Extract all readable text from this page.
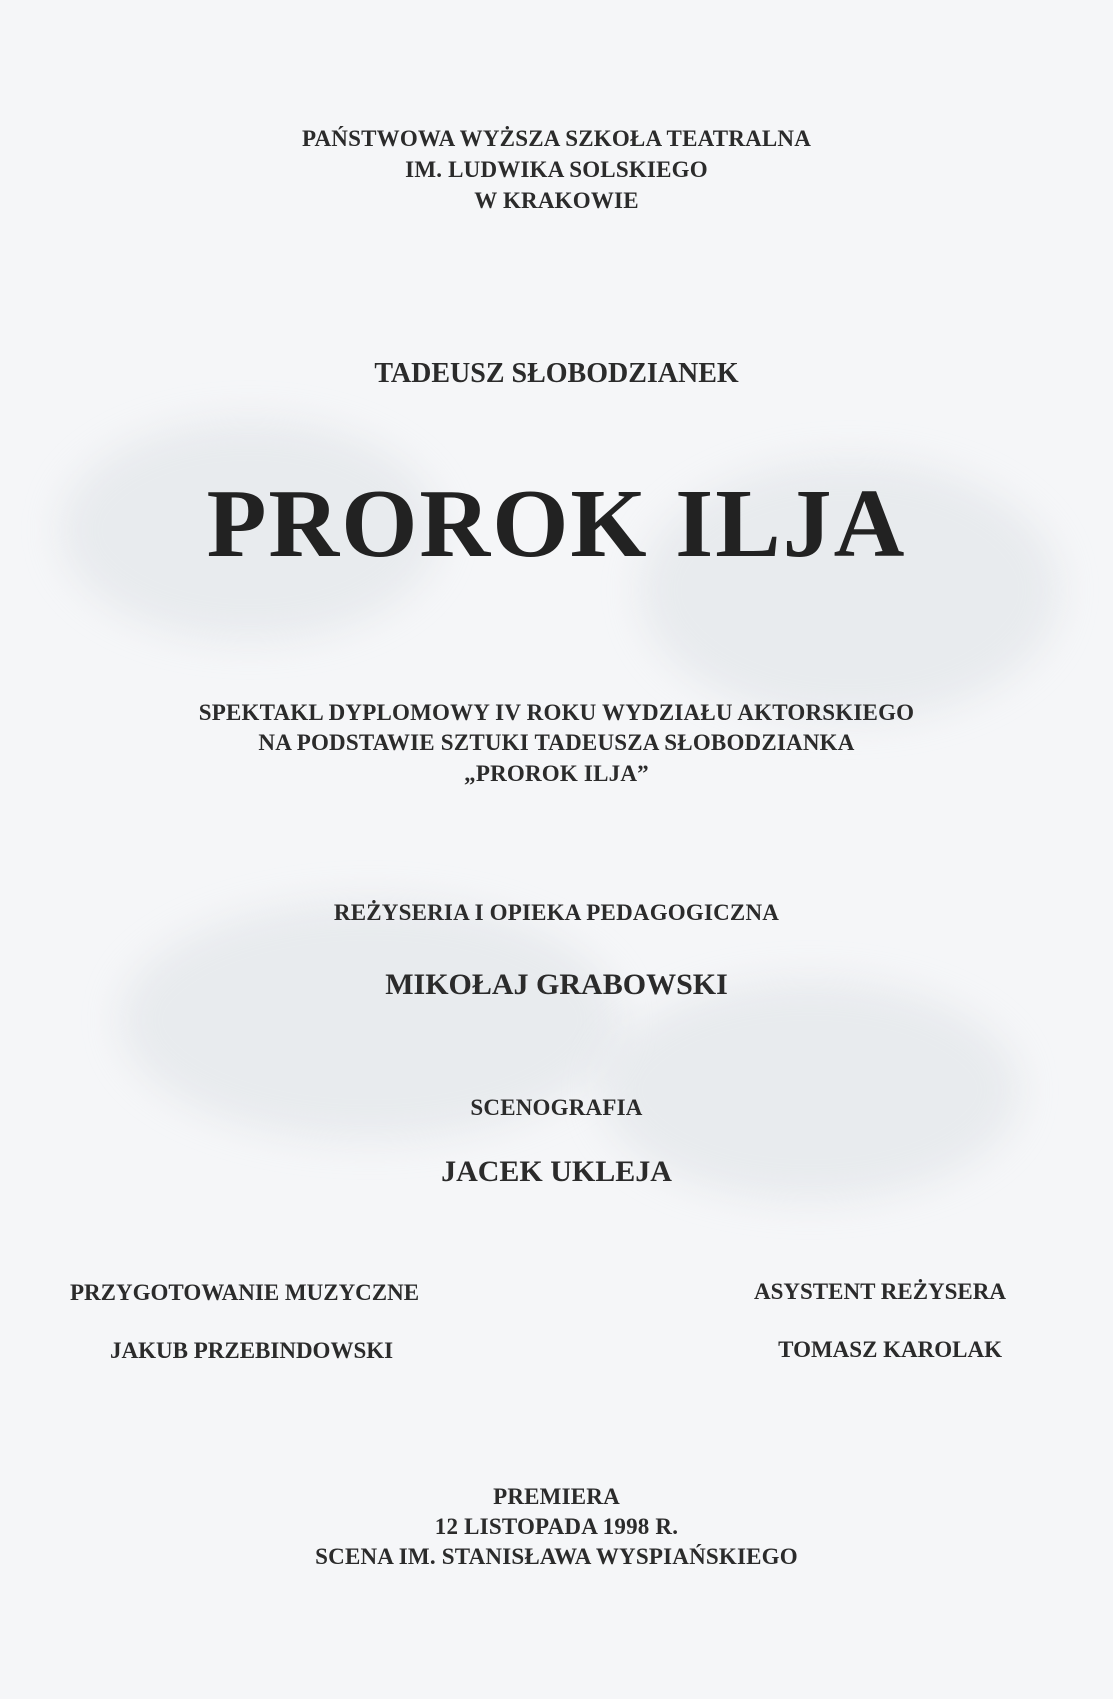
PAŃSTWOWA WYŻSZA SZKOŁA TEATRALNA
IM. LUDWIKA SOLSKIEGO
W KRAKOWIE
TADEUSZ SŁOBODZIANEK
PROROK ILJA
SPEKTAKL DYPLOMOWY IV ROKU WYDZIAŁU AKTORSKIEGO
NA PODSTAWIE SZTUKI TADEUSZA SŁOBODZIANKA
„PROROK ILJA”
REŻYSERIA I OPIEKA PEDAGOGICZNA
MIKOŁAJ GRABOWSKI
SCENOGRAFIA
JACEK UKLEJA
PRZYGOTOWANIE MUZYCZNE
JAKUB PRZEBINDOWSKI
ASYSTENT REŻYSERA
TOMASZ KAROLAK
PREMIERA
12 LISTOPADA 1998 R.
SCENA IM. STANISŁAWA WYSPIAŃSKIEGO
